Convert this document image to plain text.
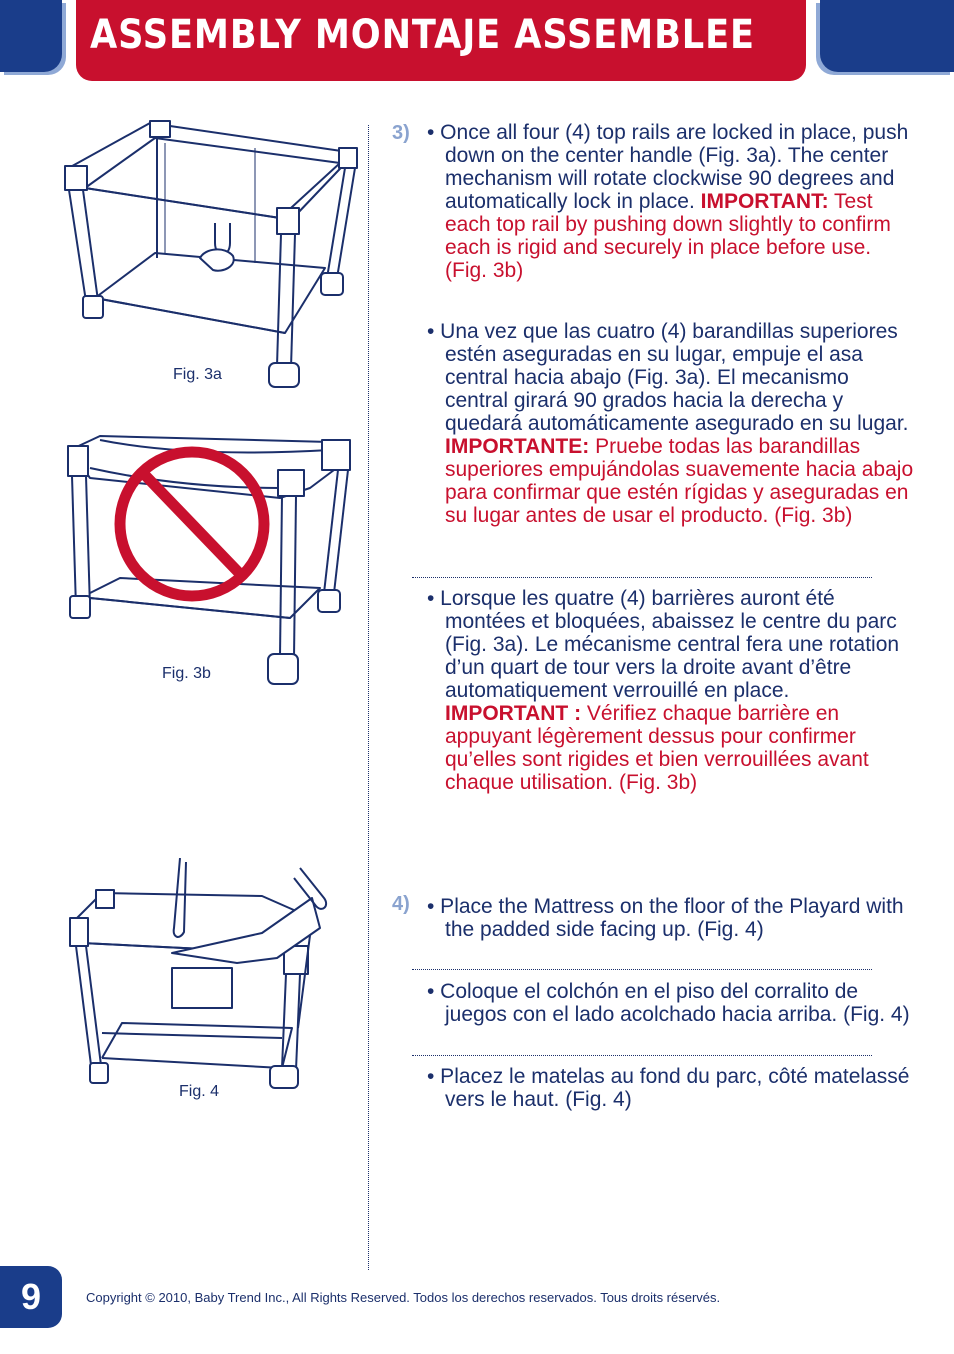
ASSEMBLY MONTAJE ASSEMBLEE
Fig. 3a
Fig. 3b
Fig. 4
3) • Once all four (4) top rails are locked in place, push down on the center handle (Fig. 3a). The center mechanism will rotate clockwise 90 degrees and automatically lock in place. IMPORTANT: Test each top rail by pushing down slightly to confirm each is rigid and securely in place before use. (Fig. 3b)
• Una vez que las cuatro (4) barandillas superiores estén aseguradas en su lugar, empuje el asa central hacia abajo (Fig. 3a). El mecanismo central girará 90 grados hacia la derecha y quedará automáticamente asegurado en su lugar. IMPORTANTE: Pruebe todas las barandillas superiores empujándolas suavemente hacia abajo para confirmar que estén rígidas y aseguradas en su lugar antes de usar el producto. (Fig. 3b)
• Lorsque les quatre (4) barrières auront été montées et bloquées, abaissez le centre du parc (Fig. 3a). Le mécanisme central fera une rotation d’un quart de tour vers la droite avant d’être automatiquement verrouillé en place. IMPORTANT : Vérifiez chaque barrière en appuyant légèrement dessus pour confirmer qu’elles sont rigides et bien verrouillées avant chaque utilisation. (Fig. 3b)
4) • Place the Mattress on the floor of the Playard with the padded side facing up. (Fig. 4)
• Coloque el colchón en el piso del corralito de juegos con el lado acolchado hacia arriba. (Fig. 4)
• Placez le matelas au fond du parc, côté matelassé vers le haut. (Fig. 4)
9	Copyright © 2010, Baby Trend Inc., All Rights Reserved. Todos los derechos reservados. Tous droits réservés.
